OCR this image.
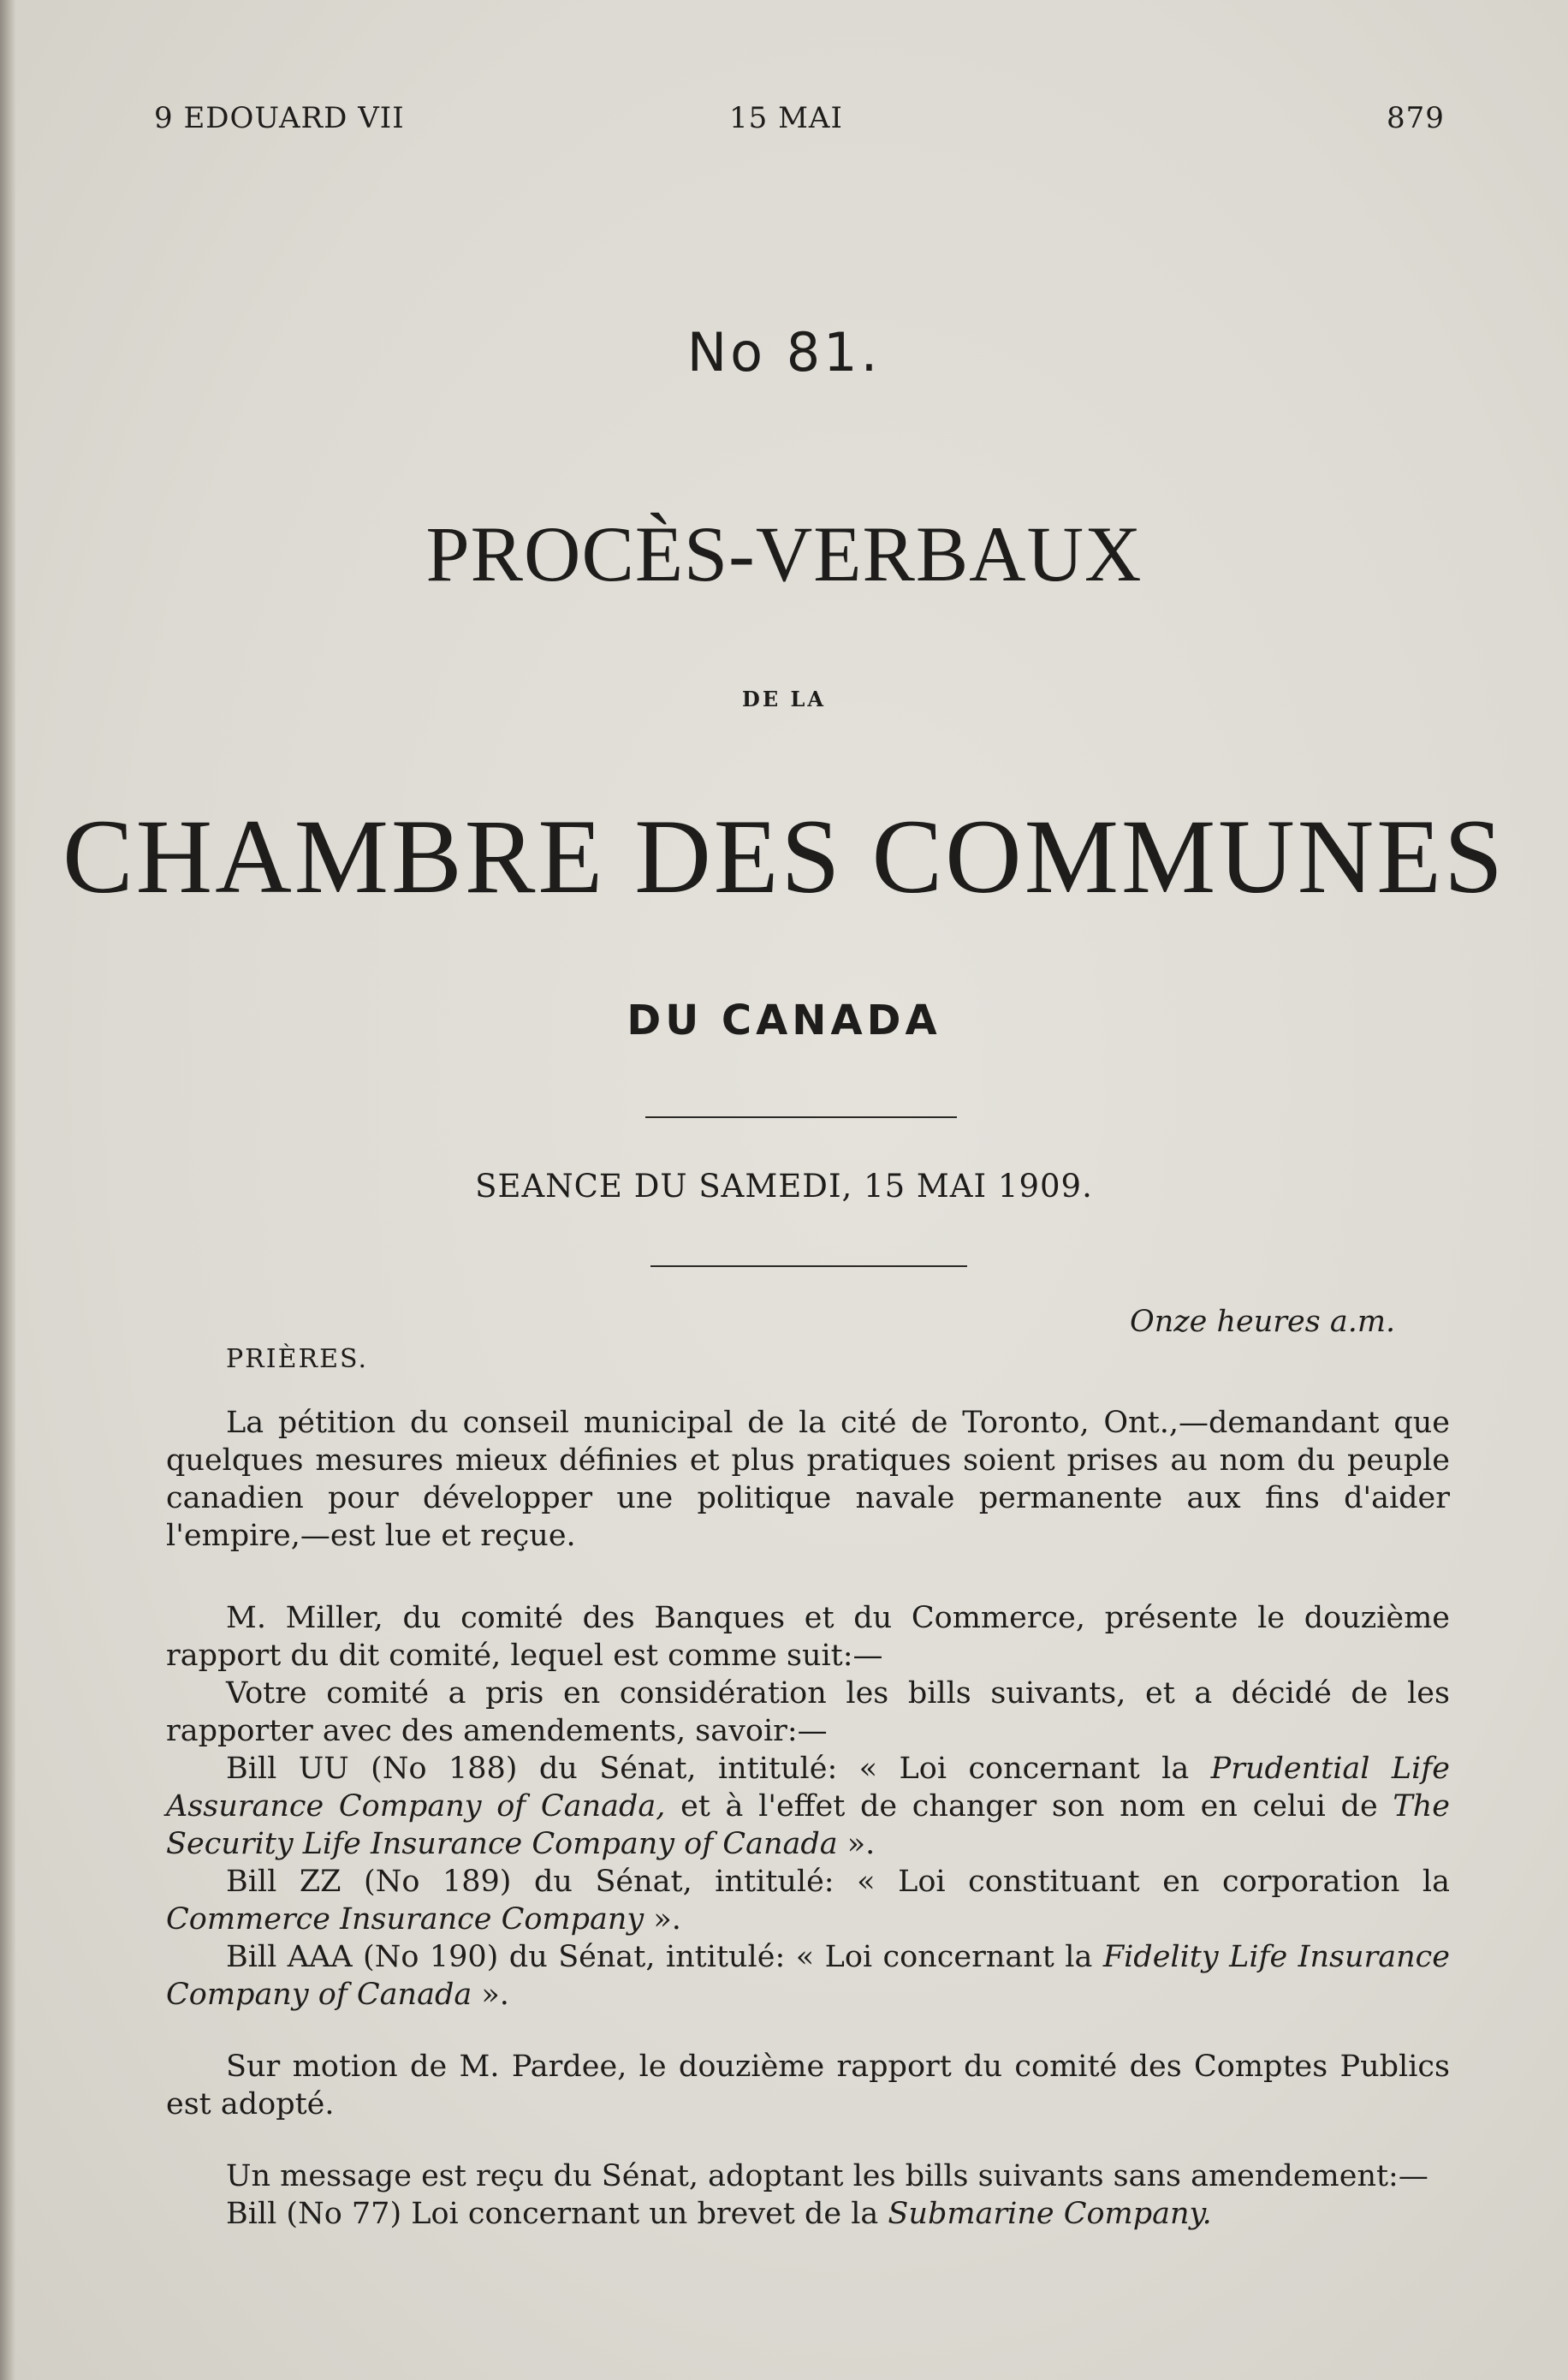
9 EDOUARD VII	15 MAI	879
No 81.
PROCÈS-VERBAUX
DE LA
CHAMBRE DES COMMUNES
DU CANADA
SEANCE DU SAMEDI, 15 MAI 1909.
Onze heures a.m.
PRIÈRES.

La pétition du conseil municipal de la cité de Toronto, Ont.,—demandant que quelques mesures mieux définies et plus pratiques soient prises au nom du peuple canadien pour développer une politique navale permanente aux fins d'aider l'empire,—est lue et reçue.

M. Miller, du comité des Banques et du Commerce, présente le douzième rapport du dit comité, lequel est comme suit:—

Votre comité a pris en considération les bills suivants, et a décidé de les rapporter avec des amendements, savoir:—

Bill UU (No 188) du Sénat, intitulé: « Loi concernant la Prudential Life Assurance Company of Canada, et à l'effet de changer son nom en celui de The Security Life Insurance Company of Canada ».

Bill ZZ (No 189) du Sénat, intitulé: « Loi constituant en corporation la Commerce Insurance Company ».

Bill AAA (No 190) du Sénat, intitulé: « Loi concernant la Fidelity Life Insurance Company of Canada ».

Sur motion de M. Pardee, le douzième rapport du comité des Comptes Publics est adopté.

Un message est reçu du Sénat, adoptant les bills suivants sans amendement:—

Bill (No 77) Loi concernant un brevet de la Submarine Company.
